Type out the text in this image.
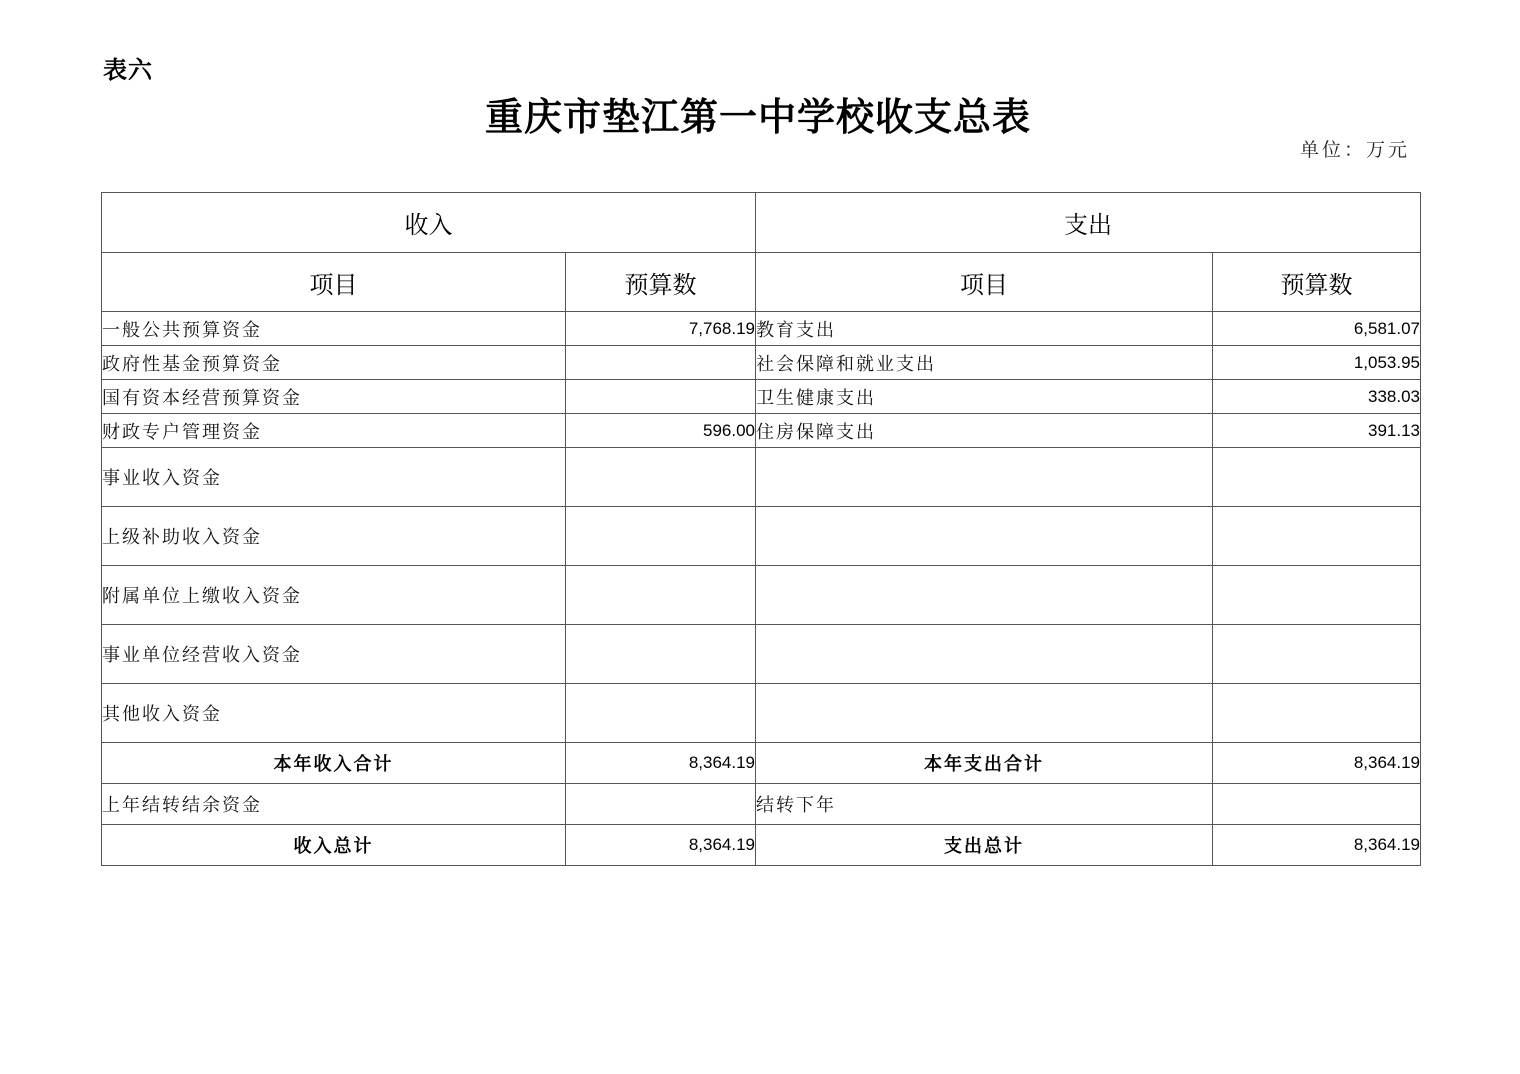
表六
重庆市垫江第一中学校收支总表
单位：万元
收入		支出	
项目	预算数	项目	预算数
一般公共预算资金	7,768.19	教育支出	6,581.07
政府性基金预算资金		社会保障和就业支出	1,053.95
国有资本经营预算资金		卫生健康支出	338.03
财政专户管理资金	596.00	住房保障支出	391.13
事业收入资金			
上级补助收入资金			
附属单位上缴收入资金			
事业单位经营收入资金			
其他收入资金			
本年收入合计	8,364.19	本年支出合计	8,364.19
上年结转结余资金		结转下年	
收入总计	8,364.19	支出总计	8,364.19
